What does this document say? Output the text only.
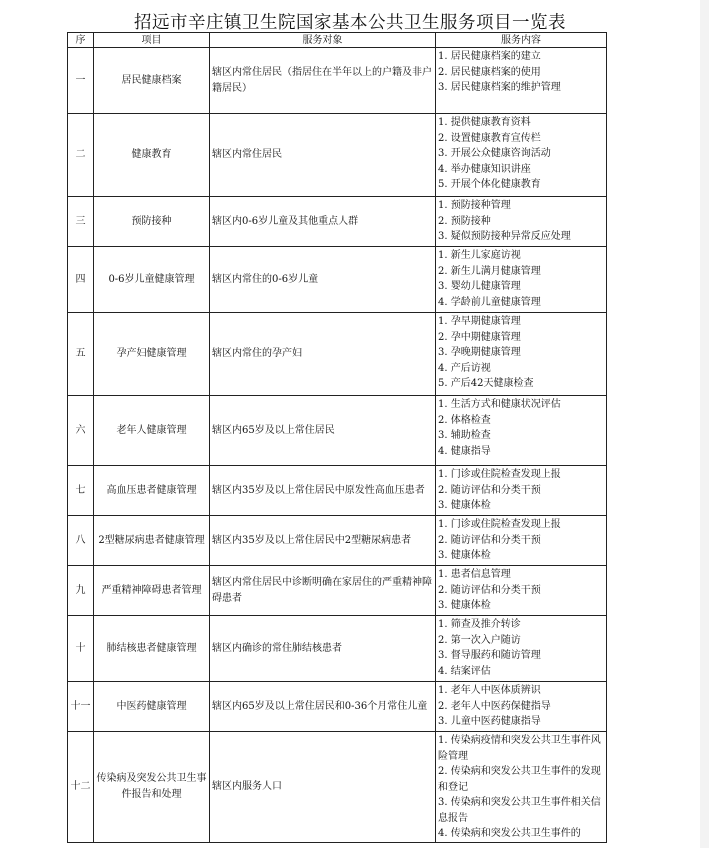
招远市辛庄镇卫生院国家基本公共卫生服务项目一览表
序	项目	服务对象	服务内容
一	居民健康档案	辖区内常住居民（指居住在半年以上的户籍及非户籍居民）	1. 居民健康档案的建立
2. 居民健康档案的使用
3. 居民健康档案的维护管理

二	健康教育	辖区内常住居民	1. 提供健康教育资料
2. 设置健康教育宣传栏
3. 开展公众健康咨询活动
4. 举办健康知识讲座
5. 开展个体化健康教育

三	预防接种	辖区内0-6岁儿童及其他重点人群	1. 预防接种管理
2. 预防接种
3. 疑似预防接种异常反应处理

四	0-6岁儿童健康管理	辖区内常住的0-6岁儿童	1. 新生儿家庭访视
2. 新生儿满月健康管理
3. 婴幼儿健康管理
4. 学龄前儿童健康管理

五	孕产妇健康管理	辖区内常住的孕产妇	1. 孕早期健康管理
2. 孕中期健康管理
3. 孕晚期健康管理
4. 产后访视
5. 产后42天健康检查

六	老年人健康管理	辖区内65岁及以上常住居民	1. 生活方式和健康状况评估
2. 体格检查
3. 辅助检查
4. 健康指导

七	高血压患者健康管理	辖区内35岁及以上常住居民中原发性高血压患者	1. 门诊或住院检查发现上报
2. 随访评估和分类干预
3. 健康体检

八	2型糖尿病患者健康管理	辖区内35岁及以上常住居民中2型糖尿病患者	1. 门诊或住院检查发现上报
2. 随访评估和分类干预
3. 健康体检

九	严重精神障碍患者管理	辖区内常住居民中诊断明确在家居住的严重精神障碍患者	1. 患者信息管理
2. 随访评估和分类干预
3. 健康体检

十	肺结核患者健康管理	辖区内确诊的常住肺结核患者	1. 筛查及推介转诊
2. 第一次入户随访
3. 督导服药和随访管理
4. 结案评估

十一	中医药健康管理	辖区内65岁及以上常住居民和0-36个月常住儿童	1. 老年人中医体质辨识
2. 老年人中医药保健指导
3. 儿童中医药健康指导

十二	传染病及突发公共卫生事件报告和处理	辖区内服务人口	1. 传染病疫情和突发公共卫生事件风险管理
2. 传染病和突发公共卫生事件的发现和登记
3. 传染病和突发公共卫生事件相关信息报告
4. 传染病和突发公共卫生事件的
